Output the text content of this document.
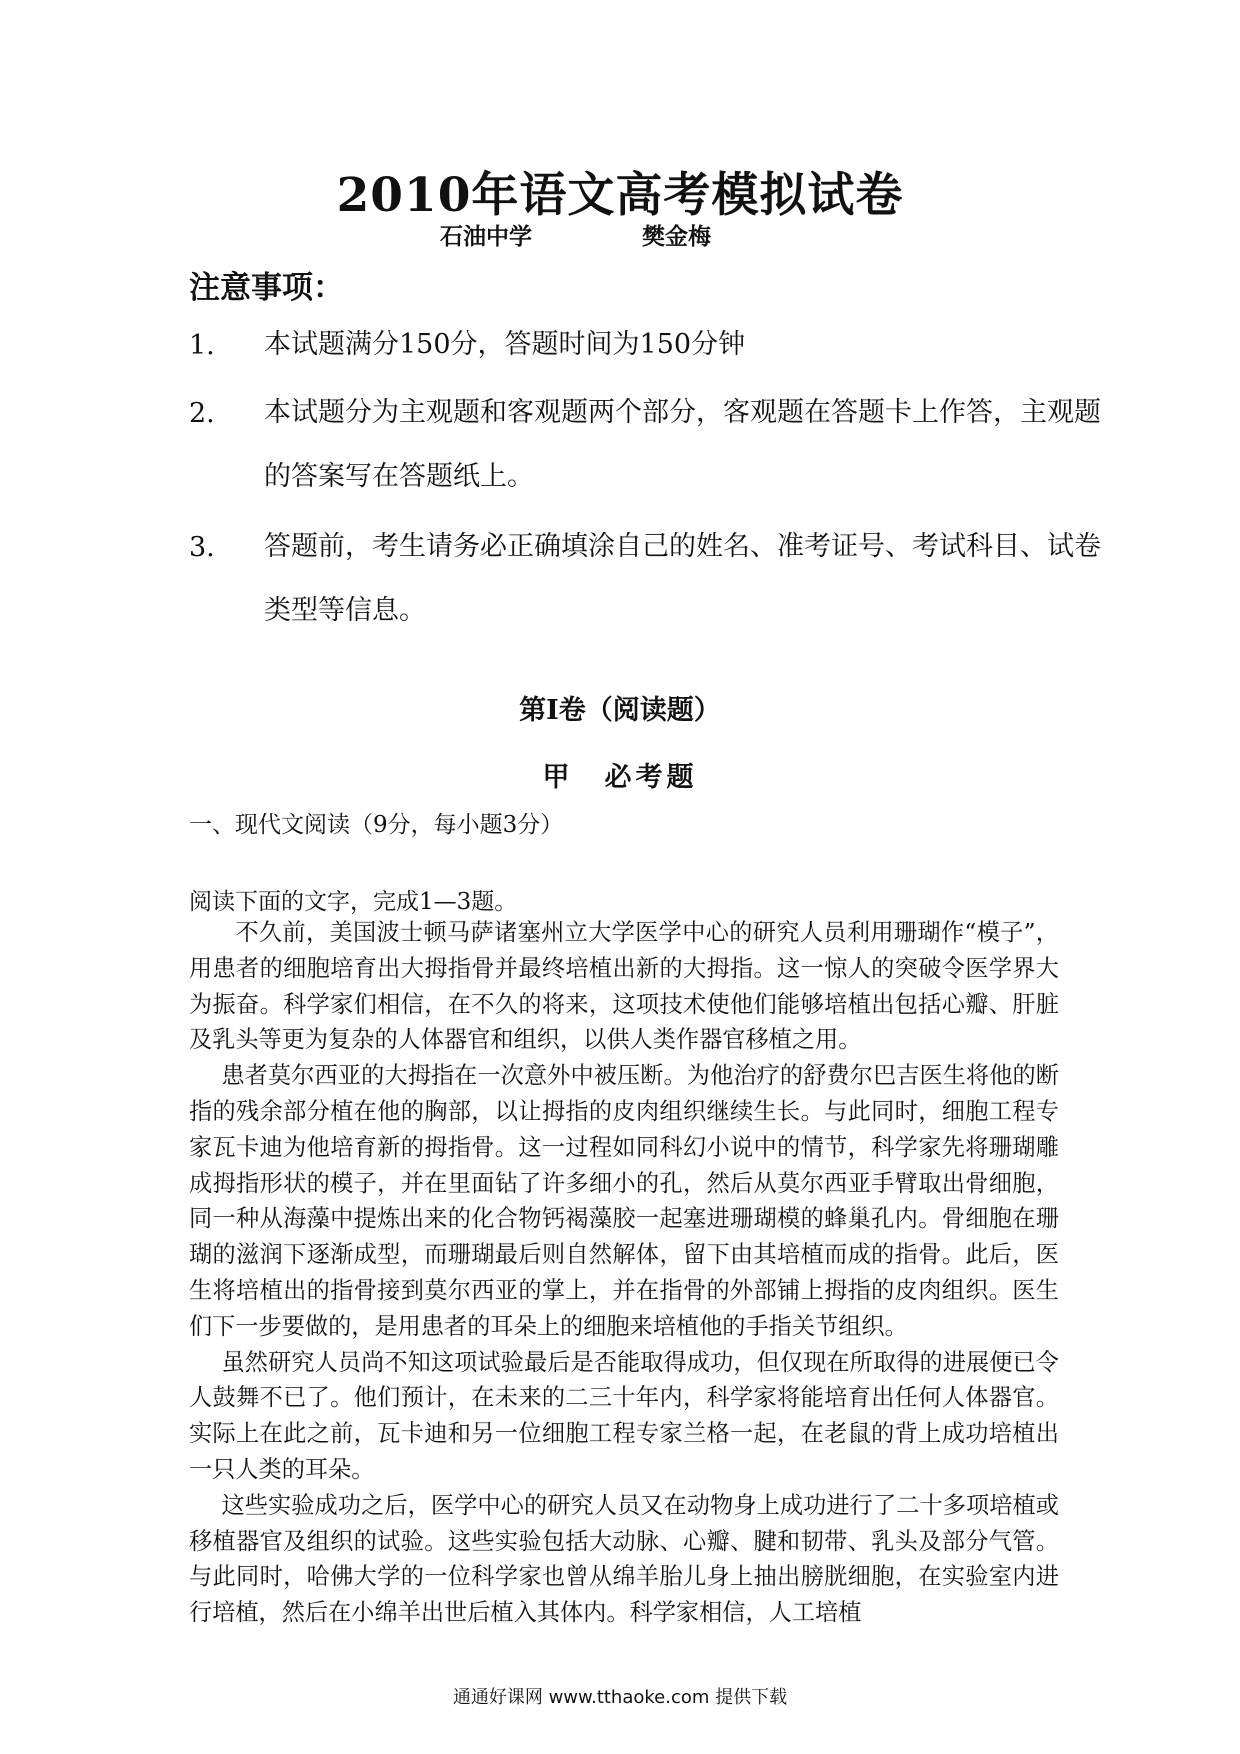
2010年语文高考模拟试卷
石油中学	樊金梅
注意事项：
1.	本试题满分150分，答题时间为150分钟
2.	本试题分为主观题和客观题两个部分，客观题在答题卡上作答，主观题的答案写在答题纸上。
3.	答题前，考生请务必正确填涂自己的姓名、准考证号、考试科目、试卷类型等信息。
第I卷（阅读题）
甲　必考题
一、现代文阅读（9分，每小题3分）
阅读下面的文字，完成1—3题。

不久前，美国波士顿马萨诸塞州立大学医学中心的研究人员利用珊瑚作“模子”，用患者的细胞培育出大拇指骨并最终培植出新的大拇指。这一惊人的突破令医学界大为振奋。科学家们相信，在不久的将来，这项技术使他们能够培植出包括心瓣、肝脏及乳头等更为复杂的人体器官和组织，以供人类作器官移植之用。

患者莫尔西亚的大拇指在一次意外中被压断。为他治疗的舒费尔巴吉医生将他的断指的残余部分植在他的胸部，以让拇指的皮肉组织继续生长。与此同时，细胞工程专家瓦卡迪为他培育新的拇指骨。这一过程如同科幻小说中的情节，科学家先将珊瑚雕成拇指形状的模子，并在里面钻了许多细小的孔，然后从莫尔西亚手臂取出骨细胞，同一种从海藻中提炼出来的化合物钙褐藻胶一起塞进珊瑚模的蜂巢孔内。骨细胞在珊瑚的滋润下逐渐成型，而珊瑚最后则自然解体，留下由其培植而成的指骨。此后，医生将培植出的指骨接到莫尔西亚的掌上，并在指骨的外部铺上拇指的皮肉组织。医生们下一步要做的，是用患者的耳朵上的细胞来培植他的手指关节组织。

虽然研究人员尚不知这项试验最后是否能取得成功，但仅现在所取得的进展便已令人鼓舞不已了。他们预计，在未来的二三十年内，科学家将能培育出任何人体器官。实际上在此之前，瓦卡迪和另一位细胞工程专家兰格一起，在老鼠的背上成功培植出一只人类的耳朵。

这些实验成功之后，医学中心的研究人员又在动物身上成功进行了二十多项培植或移植器官及组织的试验。这些实验包括大动脉、心瓣、腱和韧带、乳头及部分气管。与此同时，哈佛大学的一位科学家也曾从绵羊胎儿身上抽出膀胱细胞，在实验室内进行培植，然后在小绵羊出世后植入其体内。科学家相信，人工培植

通通好课网 www.tthaoke.com 提供下载
